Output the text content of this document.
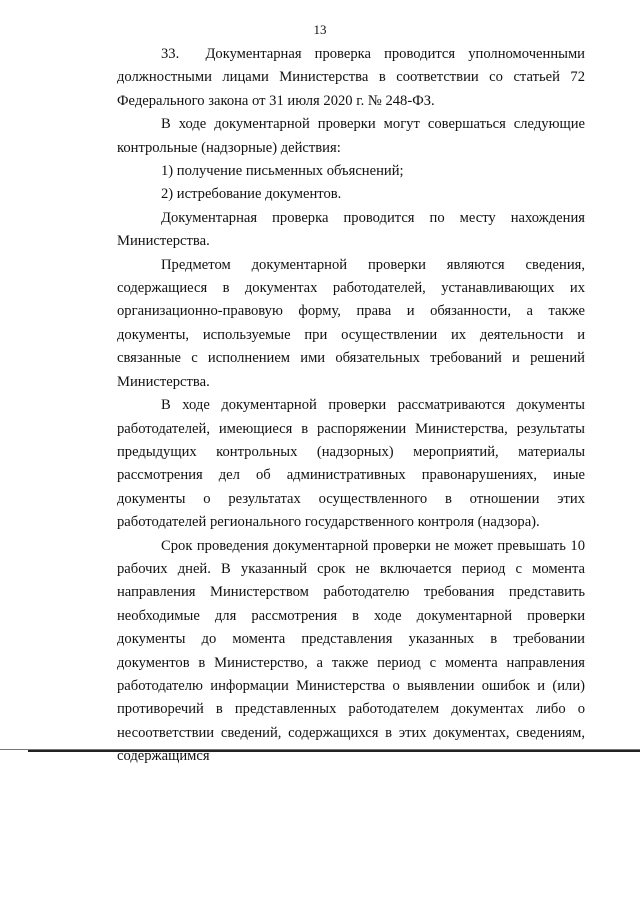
13

33.  Документарная проверка проводится уполномоченными должностными лицами Министерства в соответствии со статьей 72 Федерального закона от 31 июля 2020 г. № 248-ФЗ.

В ходе документарной проверки могут совершаться следующие контрольные (надзорные) действия:

1) получение письменных объяснений;

2) истребование документов.

Документарная проверка проводится по месту нахождения Министерства.

Предметом документарной проверки являются сведения, содержащиеся в документах работодателей, устанавливающих их организационно-правовую форму, права и обязанности, а также документы, используемые при осуществлении их деятельности и связанные с исполнением ими обязательных требований и решений Министерства.

В ходе документарной проверки рассматриваются документы работодателей, имеющиеся в распоряжении Министерства, результаты предыдущих контрольных (надзорных) мероприятий, материалы рассмотрения дел об административных правонарушениях, иные документы о результатах осуществленного в отношении этих работодателей регионального государственного контроля (надзора).

Срок проведения документарной проверки не может превышать 10 рабочих дней. В указанный срок не включается период с момента направления Министерством работодателю требования представить необходимые для рассмотрения в ходе документарной проверки документы до момента представления указанных в требовании документов в Министерство, а также период с момента направления работодателю информации Министерства о выявлении ошибок и (или) противоречий в представленных работодателем документах либо о несоответствии сведений, содержащихся в этих документах, сведениям, содержащимся
